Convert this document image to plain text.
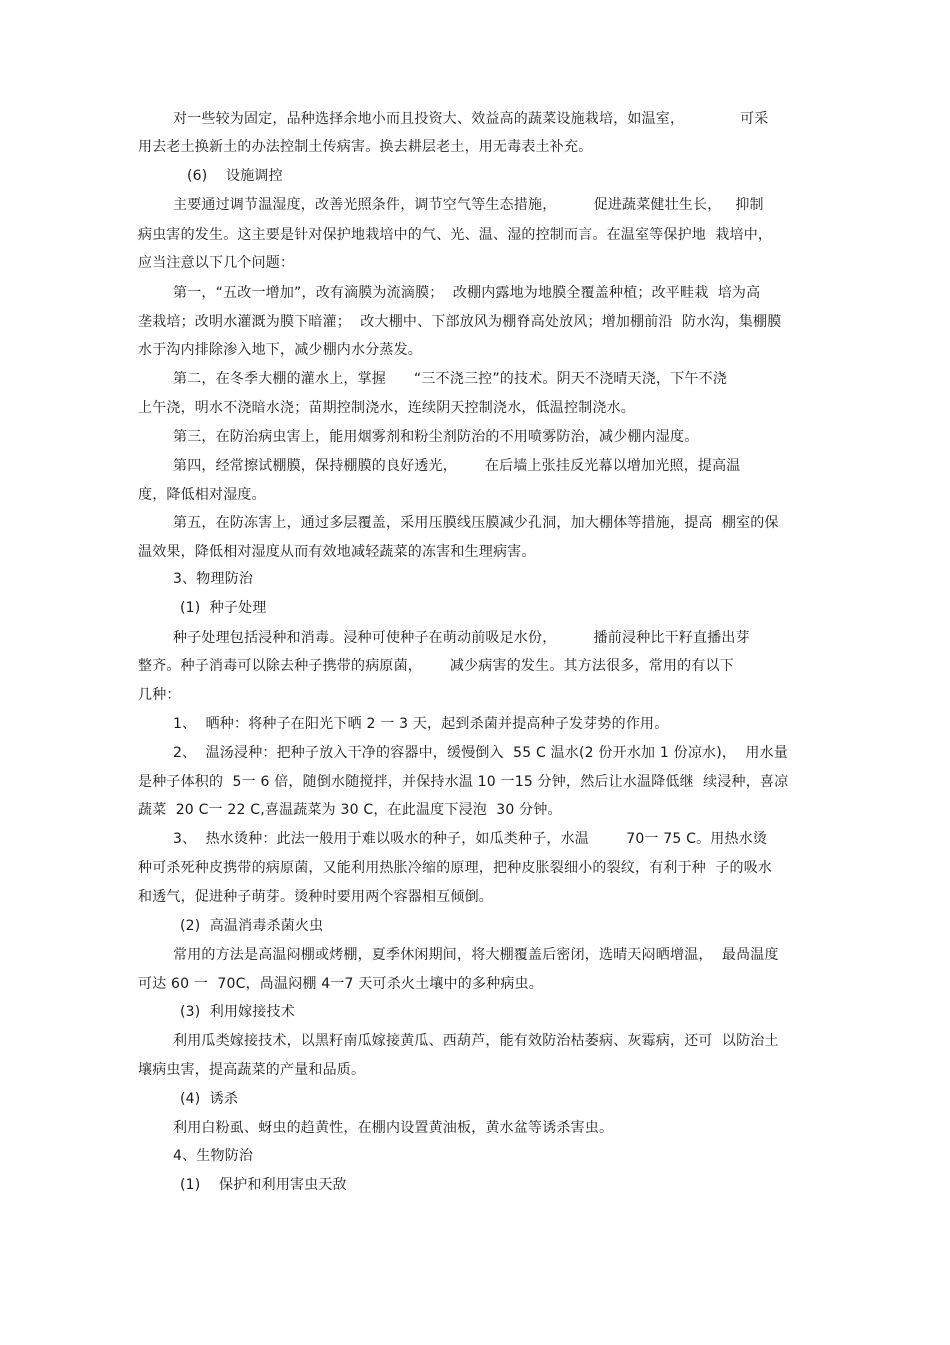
对一些较为固定，品种选择余地小而且投资大、效益高的蔬菜设施栽培，如温室，            可采
用去老土换新土的办法控制土传病害。换去耕层老土，用无毒表土补充。
(6)    设施调控
主要通过调节温湿度，改善光照条件，调节空气等生态措施，        促进蔬菜健壮生长，   抑制
病虫害的发生。这主要是针对保护地栽培中的气、光、温、湿的控制而言。在温室等保护地  栽培中，
应当注意以下几个问题：
第一，“五改一增加”，改有滴膜为流滴膜；  改棚内露地为地膜全覆盖种植；改平畦栽  培为高
垄栽培；改明水灌溉为膜下暗灌；  改大棚中、下部放风为棚脊高处放风；增加棚前沿  防水沟，集棚膜
水于沟内排除渗入地下，减少棚内水分蒸发。
第二，在冬季大棚的灌水上，掌握      “三不浇三控”的技术。阴天不浇晴天浇，下午不浇
上午浇，明水不浇暗水浇；苗期控制浇水，连续阴天控制浇水，低温控制浇水。
第三，在防治病虫害上，能用烟雾剂和粉尘剂防治的不用喷雾防治，减少棚内湿度。
第四，经常擦试棚膜，保持棚膜的良好透光，      在后墙上张挂反光幕以增加光照，提高温
度，降低相对湿度。
第五，在防冻害上，通过多层覆盖，采用压膜线压膜减少孔洞，加大棚体等措施，提高  棚室的保
温效果，降低相对湿度从而有效地减轻蔬菜的冻害和生理病害。
3、物理防治
(1)  种子处理
种子处理包括浸种和消毒。浸种可使种子在萌动前吸足水份，        播前浸种比干籽直播出芽
整齐。种子消毒可以除去种子携带的病原菌，      减少病害的发生。其方法很多，常用的有以下
几种：
1、  晒种：将种子在阳光下晒 2 一 3 天，起到杀菌并提高种子发芽势的作用。
2、  温汤浸种：把种子放入干净的容器中，缓慢倒入  55 C 温水(2 份开水加 1 份凉水)，  用水量
是种子体积的  5一 6 倍，随倒水随搅拌，并保持水温 10 一15 分钟，然后让水温降低继  续浸种，喜凉
蔬菜  20 C一 22 C,喜温蔬菜为 30 C，在此温度下浸泡  30 分钟。
3、  热水烫种：此法一般用于难以吸水的种子，如瓜类种子，水温        70一 75 C。用热水烫
种可杀死种皮携带的病原菌，又能利用热胀冷缩的原理，把种皮胀裂细小的裂纹，有利于种  子的吸水
和透气，促进种子萌芽。烫种时要用两个容器相互倾倒。
(2)  高温消毒杀菌火虫
常用的方法是高温闷棚或烤棚，夏季休闲期间，将大棚覆盖后密闭，选晴天闷晒增温，  最咼温度
可达 60 一  70C，咼温闷棚 4一7 天可杀火土壤中的多种病虫。
(3)  利用嫁接技术
利用瓜类嫁接技术，以黑籽南瓜嫁接黄瓜、西葫芦，能有效防治枯萎病、灰霉病，还可  以防治土
壤病虫害，提高蔬菜的产量和品质。
(4)  诱杀
利用白粉虱、蚜虫的趋黄性，在棚内设置黄油板，黄水盆等诱杀害虫。
4、生物防治
(1)    保护和利用害虫天敌
